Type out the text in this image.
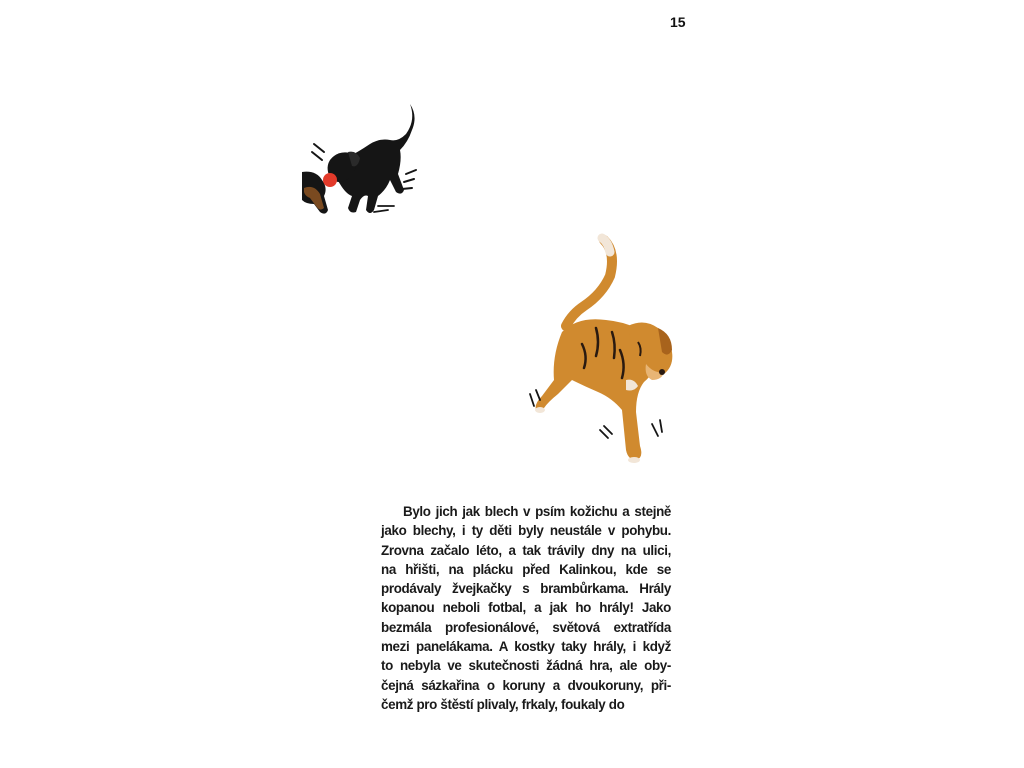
15

Bylo jich jak blech v psím kožichu a stejně
jako blechy, i ty děti byly neustále v pohybu.
Zrovna začalo léto, a tak trávily dny na ulici,
na hřišti, na plácku před Kalinkou, kde se
prodávaly žvejkačky s brambůrkama. Hrály
kopanou neboli fotbal, a jak ho hrály! Jako
bezmála profesionálové, světová extratřída
mezi panelákama. A kostky taky hrály, i když
to nebyla ve skutečnosti žádná hra, ale oby-
čejná sázkařina o koruny a dvoukoruny, při-
čemž pro štěstí plivaly, frkaly, foukaly do
